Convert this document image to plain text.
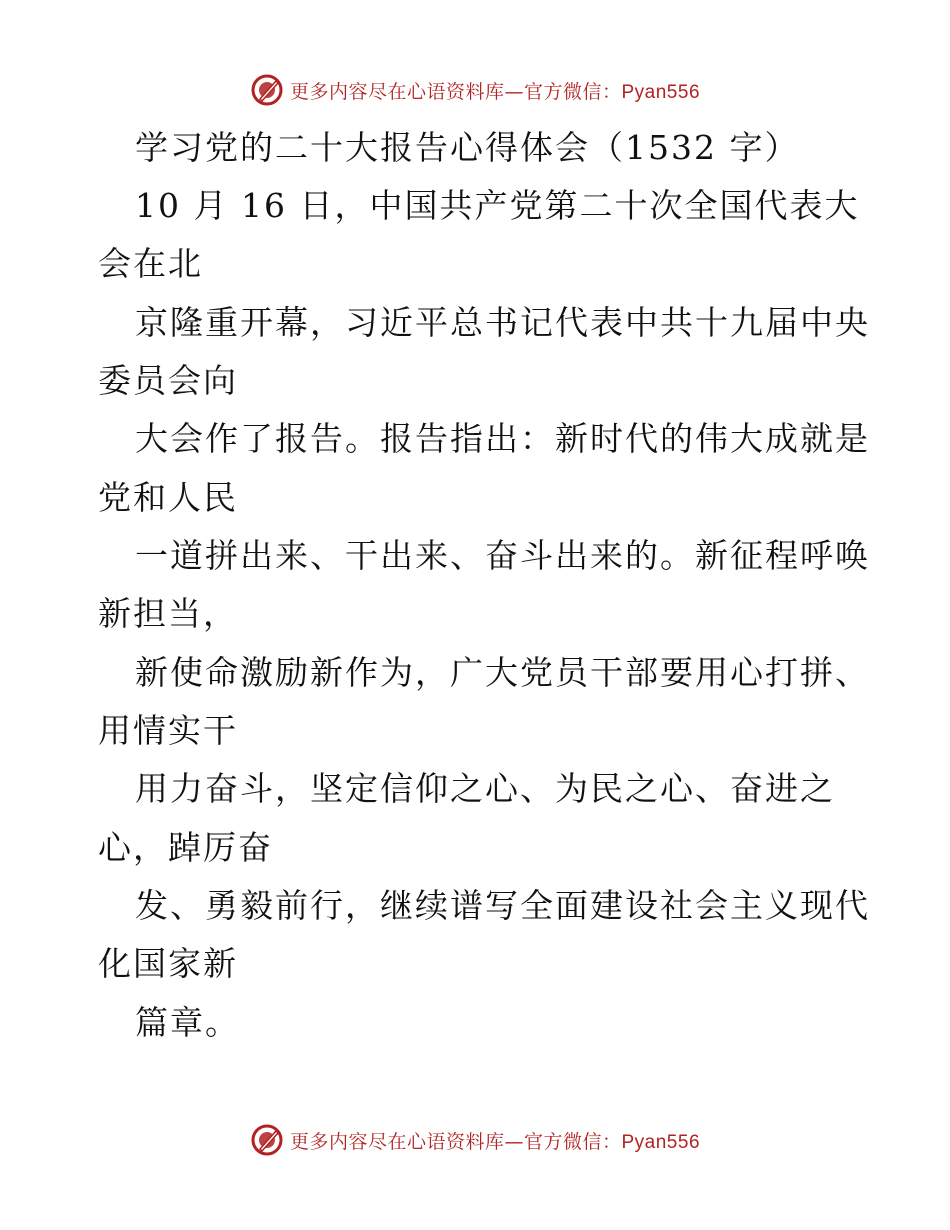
更多内容尽在心语资料库—官方微信：Pyan556
学习党的二十大报告心得体会（1532 字）
10 月 16 日，中国共产党第二十次全国代表大
会在北
京隆重开幕，习近平总书记代表中共十九届中央
委员会向
大会作了报告。报告指出：新时代的伟大成就是
党和人民
一道拼出来、干出来、奋斗出来的。新征程呼唤
新担当，
新使命激励新作为，广大党员干部要用心打拼、
用情实干
用力奋斗，坚定信仰之心、为民之心、奋进之
心，踔厉奋
发、勇毅前行，继续谱写全面建设社会主义现代
化国家新
篇章。
更多内容尽在心语资料库—官方微信：Pyan556
